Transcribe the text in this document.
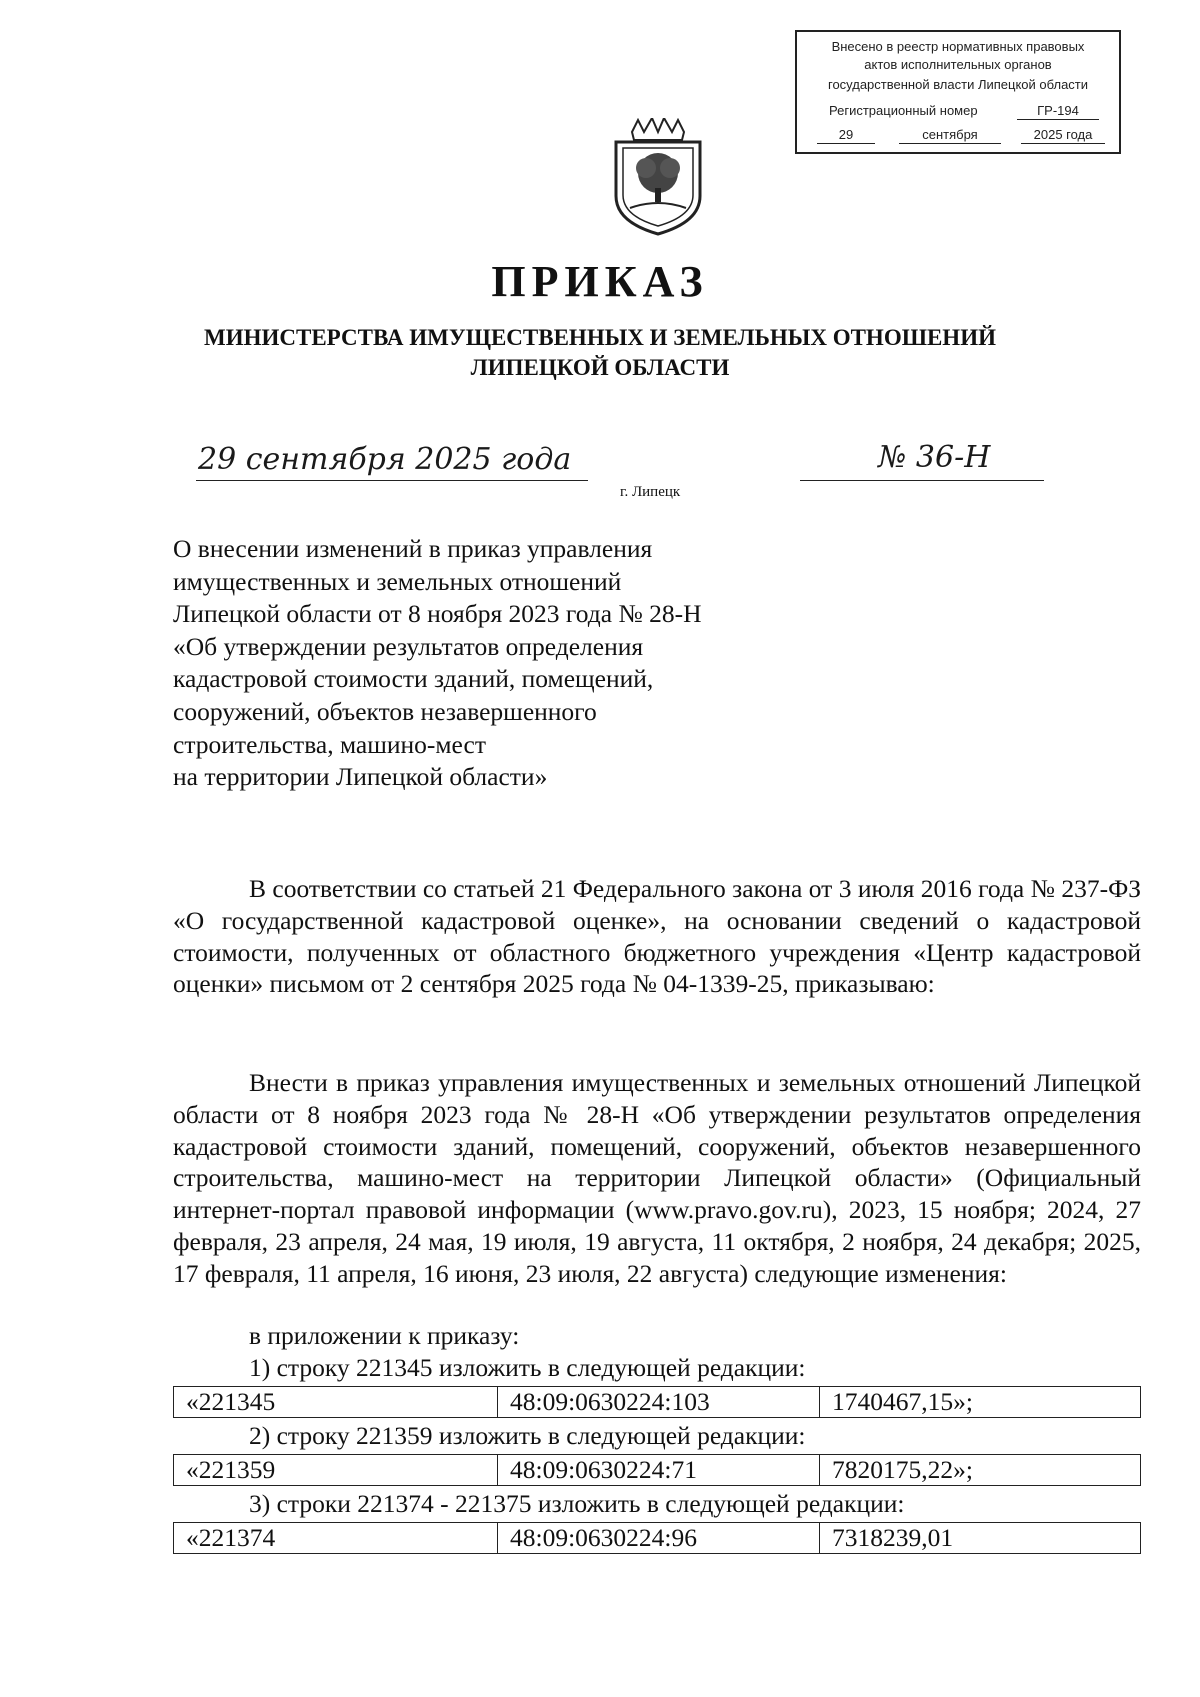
Внесено в реестр нормативных правовых
актов исполнительных органов
государственной власти Липецкой области
Регистрационный номер	ГР-194
29	сентября	2025 года
ПРИКАЗ
МИНИСТЕРСТВА ИМУЩЕСТВЕННЫХ И ЗЕМЕЛЬНЫХ ОТНОШЕНИЙ
ЛИПЕЦКОЙ ОБЛАСТИ
29 сентября 2025 года	№ 36-Н
г. Липецк
О внесении изменений в приказ управления
имущественных и земельных отношений
Липецкой области от 8 ноября 2023 года № 28-Н
«Об утверждении результатов определения
кадастровой стоимости зданий, помещений,
сооружений, объектов незавершенного
строительства, машино-мест
на территории Липецкой области»
В соответствии со статьей 21 Федерального закона от 3 июля 2016 года № 237-ФЗ «О государственной кадастровой оценке», на основании сведений о кадастровой стоимости, полученных от областного бюджетного учреждения «Центр кадастровой оценки» письмом от 2 сентября 2025 года № 04-1339-25, приказываю:
Внести в приказ управления имущественных и земельных отношений Липецкой области от 8 ноября 2023 года № 28-Н «Об утверждении результатов определения кадастровой стоимости зданий, помещений, сооружений, объектов незавершенного строительства, машино-мест на территории Липецкой области» (Официальный интернет-портал правовой информации (www.pravo.gov.ru), 2023, 15 ноября; 2024, 27 февраля, 23 апреля, 24 мая, 19 июля, 19 августа, 11 октября, 2 ноября, 24 декабря; 2025, 17 февраля, 11 апреля, 16 июня, 23 июля, 22 августа) следующие изменения:
в приложении к приказу:
1) строку 221345 изложить в следующей редакции:
«221345	48:09:0630224:103	1740467,15»;
2) строку 221359 изложить в следующей редакции:
«221359	48:09:0630224:71	7820175,22»;
3) строки 221374 - 221375 изложить в следующей редакции:
«221374	48:09:0630224:96	7318239,01
